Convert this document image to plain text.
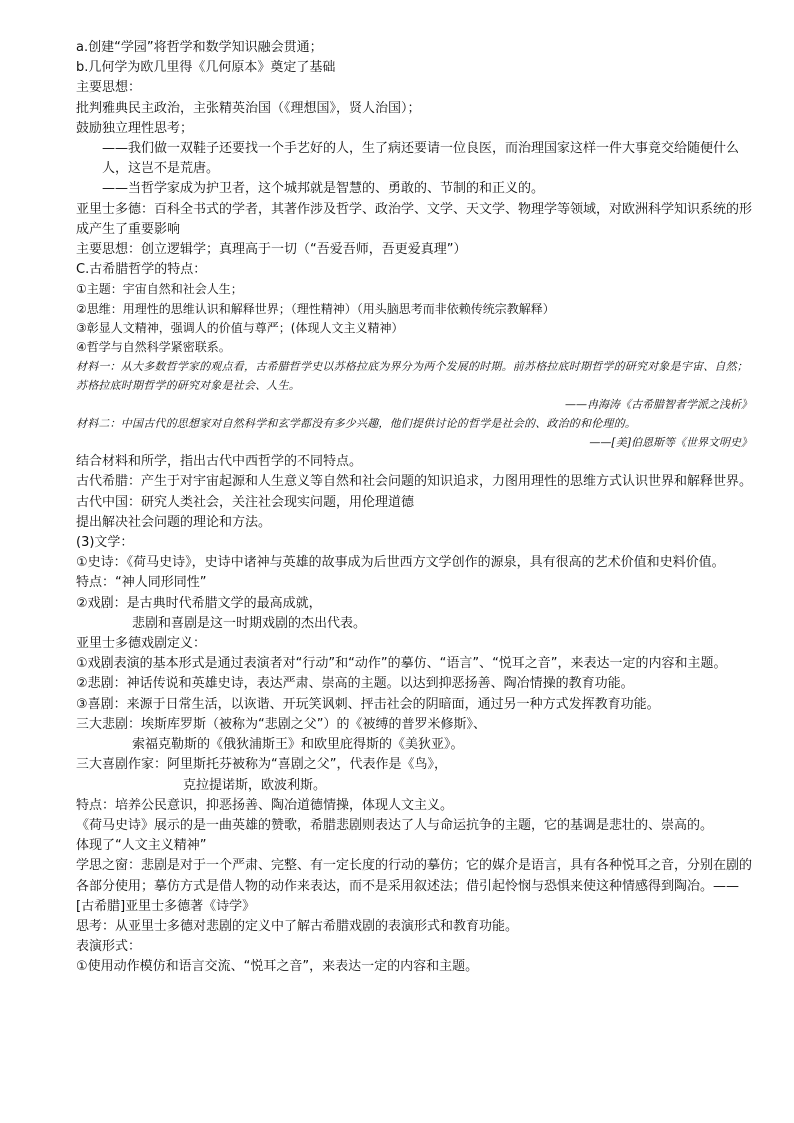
a.创建“学园”将哲学和数学知识融会贯通；
b.几何学为欧几里得《几何原本》奠定了基础
主要思想：
批判雅典民主政治，主张精英治国（《理想国》，贤人治国）；
鼓励独立理性思考；
——我们做一双鞋子还要找一个手艺好的人，生了病还要请一位良医，而治理国家这样一件大事竟交给随便什么人，这岂不是荒唐。
——当哲学家成为护卫者，这个城邦就是智慧的、勇敢的、节制的和正义的。
亚里士多德：百科全书式的学者，其著作涉及哲学、政治学、文学、天文学、物理学等领域，对欧洲科学知识系统的形成产生了重要影响
主要思想：创立逻辑学；真理高于一切（“吾爱吾师，吾更爱真理”）
C.古希腊哲学的特点：
①主题：宇宙自然和社会人生；
②思维：用理性的思维认识和解释世界；（理性精神）（用头脑思考而非依赖传统宗教解释）
③彰显人文精神，强调人的价值与尊严；(体现人文主义精神）
④哲学与自然科学紧密联系。
材料一：从大多数哲学家的观点看，古希腊哲学史以苏格拉底为界分为两个发展的时期。前苏格拉底时期哲学的研究对象是宇宙、自然；苏格拉底时期哲学的研究对象是社会、人生。
——冉海涛《古希腊智者学派之浅析》
材料二：中国古代的思想家对自然科学和玄学都没有多少兴趣，他们提供讨论的哲学是社会的、政治的和伦理的。
——[美]伯恩斯等《世界文明史》
结合材料和所学，指出古代中西哲学的不同特点。
古代希腊：产生于对宇宙起源和人生意义等自然和社会问题的知识追求，力图用理性的思维方式认识世界和解释世界。
古代中国：研究人类社会，关注社会现实问题，用伦理道德
提出解决社会问题的理论和方法。
(3)文学：
①史诗：《荷马史诗》，史诗中诸神与英雄的故事成为后世西方文学创作的源泉，具有很高的艺术价值和史料价值。
特点：“神人同形同性”
②戏剧：是古典时代希腊文学的最高成就，
悲剧和喜剧是这一时期戏剧的杰出代表。
亚里士多德戏剧定义：
①戏剧表演的基本形式是通过表演者对“行动”和“动作”的摹仿、“语言”、“悦耳之音”，来表达一定的内容和主题。
②悲剧：神话传说和英雄史诗，表达严肃、崇高的主题。以达到抑恶扬善、陶冶情操的教育功能。
③喜剧：来源于日常生活，以诙谐、开玩笑讽刺、抨击社会的阴暗面，通过另一种方式发挥教育功能。
三大悲剧：埃斯库罗斯（被称为“悲剧之父”）的《被缚的普罗米修斯》、
索福克勒斯的《俄狄浦斯王》和欧里庇得斯的《美狄亚》。
三大喜剧作家：阿里斯托芬被称为“喜剧之父”，代表作是《鸟》，
克拉提诺斯，欧波利斯。
特点：培养公民意识，抑恶扬善、陶冶道德情操，体现人文主义。
《荷马史诗》展示的是一曲英雄的赞歌，希腊悲剧则表达了人与命运抗争的主题，它的基调是悲壮的、崇高的。
体现了“人文主义精神”
学思之窗：悲剧是对于一个严肃、完整、有一定长度的行动的摹仿；它的媒介是语言，具有各种悦耳之音，分别在剧的各部分使用；摹仿方式是借人物的动作来表达，而不是采用叙述法；借引起怜悯与恐惧来使这种情感得到陶冶。——[古希腊]亚里士多德著《诗学》
思考：从亚里士多德对悲剧的定义中了解古希腊戏剧的表演形式和教育功能。
表演形式：
①使用动作模仿和语言交流、“悦耳之音”，来表达一定的内容和主题。
